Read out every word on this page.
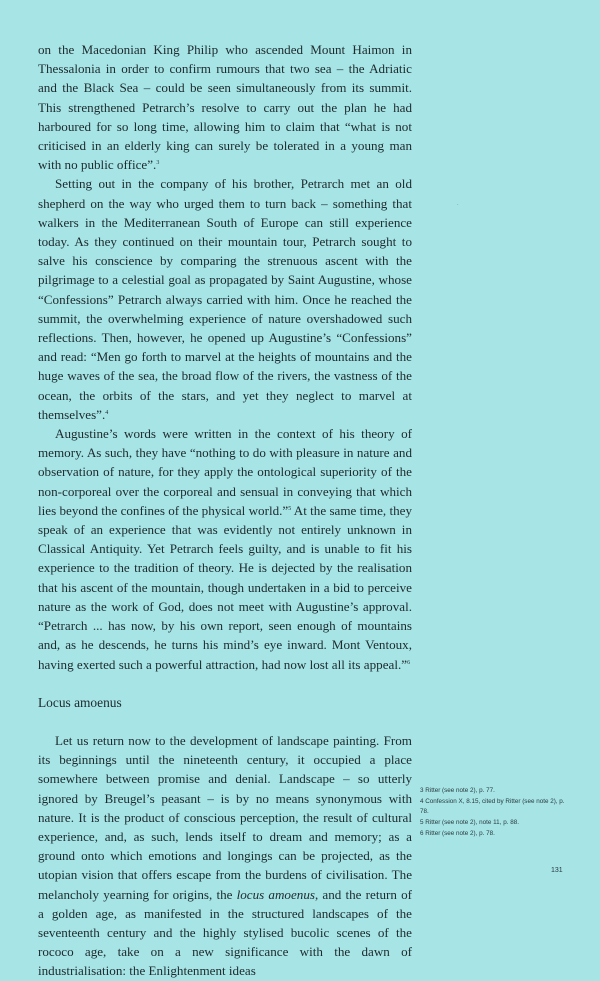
on the Macedonian King Philip who ascended Mount Haimon in Thessalonia in order to confirm rumours that two sea – the Adriatic and the Black Sea – could be seen simultaneously from its summit. This strengthened Petrarch’s resolve to carry out the plan he had harboured for so long time, allowing him to claim that “what is not criticised in an elderly king can surely be tolerated in a young man with no public office”.$^3$

Setting out in the company of his brother, Petrarch met an old shepherd on the way who urged them to turn back – something that walkers in the Mediterranean South of Europe can still experience today. As they continued on their mountain tour, Petrarch sought to salve his conscience by comparing the strenuous ascent with the pilgrimage to a celestial goal as propagated by Saint Augustine, whose “Confessions” Petrarch always carried with him. Once he reached the summit, the overwhelming experience of nature overshadowed such reflections. Then, however, he opened up Augustine’s “Confessions” and read: “Men go forth to marvel at the heights of mountains and the huge waves of the sea, the broad flow of the rivers, the vastness of the ocean, the orbits of the stars, and yet they neglect to marvel at themselves”.$^4$

Augustine’s words were written in the context of his theory of memory. As such, they have “nothing to do with pleasure in nature and observation of nature, for they apply the ontological superiority of the non-corporeal over the corporeal and sensual in conveying that which lies beyond the confines of the physical world.”$^5$ At the same time, they speak of an experience that was evidently not entirely unknown in Classical Antiquity. Yet Petrarch feels guilty, and is unable to fit his experience to the tradition of theory. He is dejected by the realisation that his ascent of the mountain, though undertaken in a bid to perceive nature as the work of God, does not meet with Augustine’s approval. “Petrarch ... has now, by his own report, seen enough of mountains and, as he descends, he turns his mind’s eye inward. Mont Ventoux, having exerted such a powerful attraction, had now lost all its appeal.”$^6$

Locus amoenus

Let us return now to the development of landscape painting. From its beginnings until the nineteenth century, it occupied a place somewhere between promise and denial. Landscape – so utterly ignored by Breugel’s peasant – is by no means synonymous with nature. It is the product of conscious perception, the result of cultural experience, and, as such, lends itself to dream and memory; as a ground onto which emotions and longings can be projected, as the utopian vision that offers escape from the burdens of civilisation. The melancholy yearning for origins, the locus amoenus, and the return of a golden age, as manifested in the structured landscapes of the seventeenth century and the highly stylised bucolic scenes of the rococo age, take on a new significance with the dawn of industrialisation: the Enlightenment ideas

·
3 Ritter (see note 2), p. 77.
4 Confession X, 8.15, cited by Ritter (see note 2), p. 78.
5 Ritter (see note 2), note 11, p. 88.
6 Ritter (see note 2), p. 78.
131
